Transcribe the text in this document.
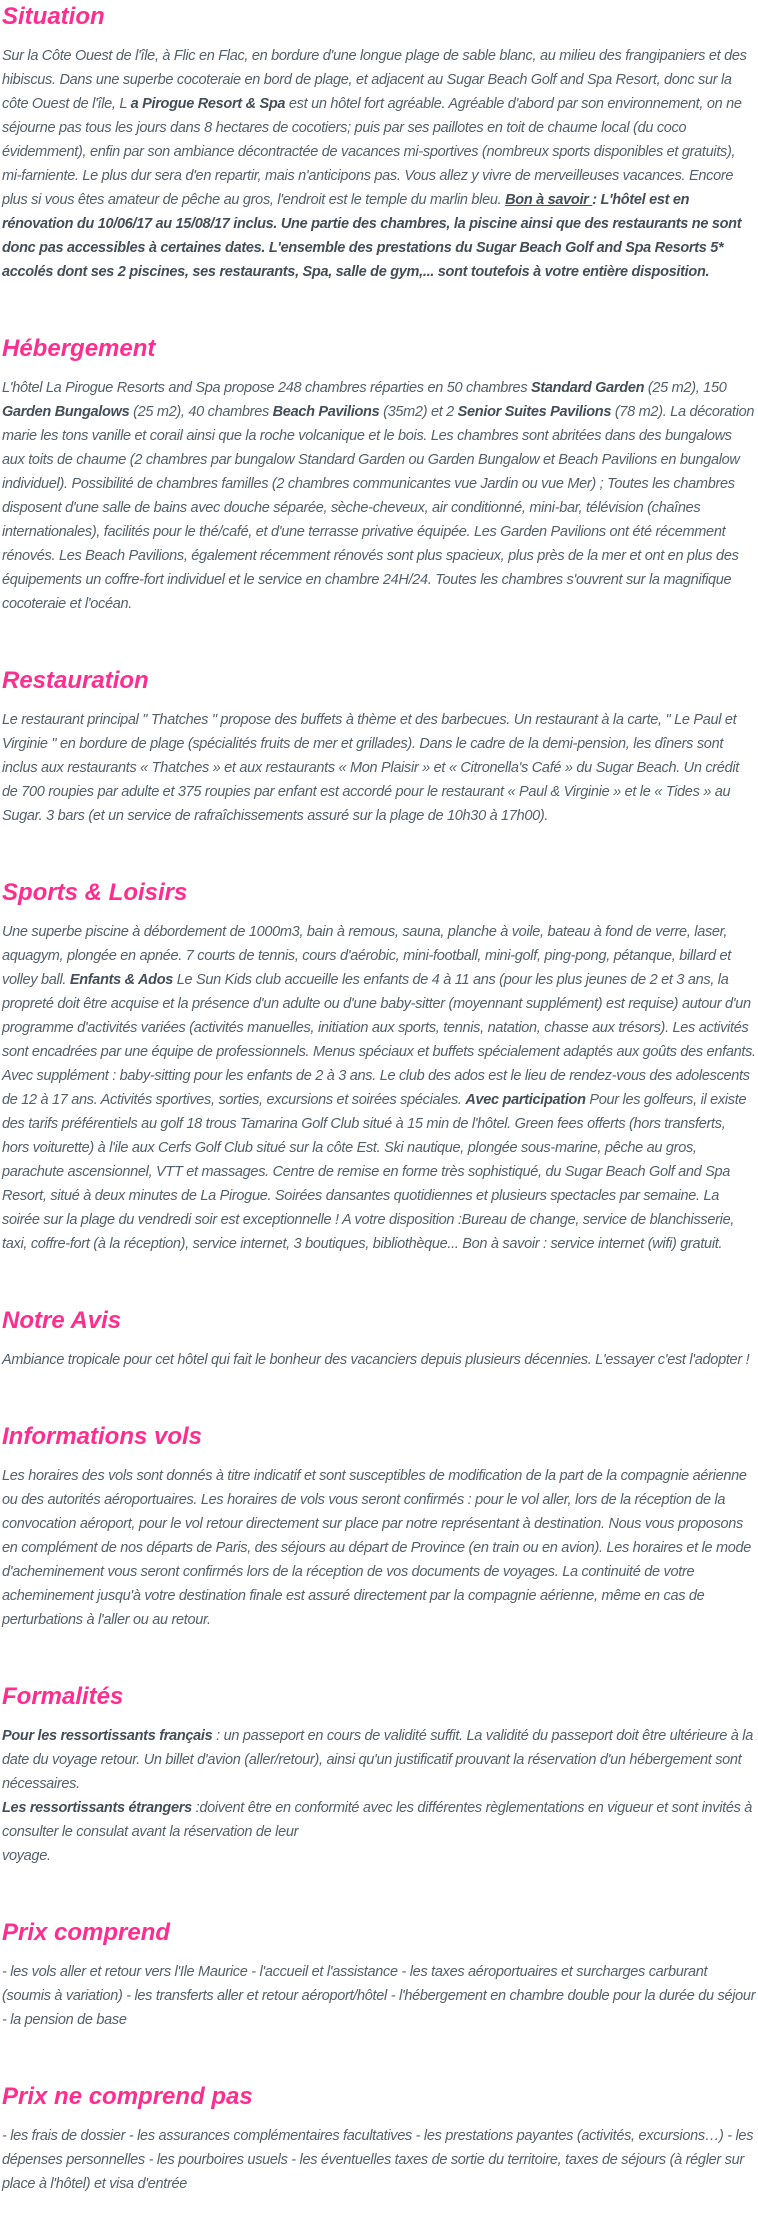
Situation

Sur la Côte Ouest de l'île, à Flic en Flac, en bordure d'une longue plage de sable blanc, au milieu des frangipaniers et des hibiscus. Dans une superbe cocoteraie en bord de plage, et adjacent au Sugar Beach Golf and Spa Resort, donc sur la côte Ouest de l'île, L a Pirogue Resort & Spa est un hôtel fort agréable. Agréable d'abord par son environnement, on ne séjourne pas tous les jours dans 8 hectares de cocotiers; puis par ses paillotes en toit de chaume local (du coco évidemment), enfin par son ambiance décontractée de vacances mi-sportives (nombreux sports disponibles et gratuits), mi-farniente. Le plus dur sera d'en repartir, mais n'anticipons pas. Vous allez y vivre de merveilleuses vacances. Encore plus si vous êtes amateur de pêche au gros, l'endroit est le temple du marlin bleu. Bon à savoir : L'hôtel est en rénovation du 10/06/17 au 15/08/17 inclus. Une partie des chambres, la piscine ainsi que des restaurants ne sont donc pas accessibles à certaines dates. L'ensemble des prestations du Sugar Beach Golf and Spa Resorts 5* accolés dont ses 2 piscines, ses restaurants, Spa, salle de gym,... sont toutefois à votre entière disposition.

Hébergement

L'hôtel La Pirogue Resorts and Spa propose 248 chambres réparties en 50 chambres Standard Garden (25 m2), 150 Garden Bungalows (25 m2), 40 chambres Beach Pavilions (35m2) et 2 Senior Suites Pavilions (78 m2). La décoration marie les tons vanille et corail ainsi que la roche volcanique et le bois. Les chambres sont abritées dans des bungalows aux toits de chaume (2 chambres par bungalow Standard Garden ou Garden Bungalow et Beach Pavilions en bungalow individuel). Possibilité de chambres familles (2 chambres communicantes vue Jardin ou vue Mer) ; Toutes les chambres disposent d'une salle de bains avec douche séparée, sèche-cheveux, air conditionné, mini-bar, télévision (chaînes internationales), facilités pour le thé/café, et d'une terrasse privative équipée. Les Garden Pavilions ont été récemment rénovés. Les Beach Pavilions, également récemment rénovés sont plus spacieux, plus près de la mer et ont en plus des équipements un coffre-fort individuel et le service en chambre 24H/24. Toutes les chambres s'ouvrent sur la magnifique cocoteraie et l'océan.

Restauration

Le restaurant principal " Thatches " propose des buffets à thème et des barbecues. Un restaurant à la carte, " Le Paul et Virginie " en bordure de plage (spécialités fruits de mer et grillades). Dans le cadre de la demi-pension, les dîners sont inclus aux restaurants « Thatches » et aux restaurants « Mon Plaisir » et « Citronella's Café » du Sugar Beach. Un crédit de 700 roupies par adulte et 375 roupies par enfant est accordé pour le restaurant « Paul & Virginie » et le « Tides » au Sugar. 3 bars (et un service de rafraîchissements assuré sur la plage de 10h30 à 17h00).

Sports & Loisirs

Une superbe piscine à débordement de 1000m3, bain à remous, sauna, planche à voile, bateau à fond de verre, laser, aquagym, plongée en apnée. 7 courts de tennis, cours d'aérobic, mini-football, mini-golf, ping-pong, pétanque, billard et volley ball. Enfants & Ados Le Sun Kids club accueille les enfants de 4 à 11 ans (pour les plus jeunes de 2 et 3 ans, la propreté doit être acquise et la présence d'un adulte ou d'une baby-sitter (moyennant supplément) est requise) autour d'un programme d'activités variées (activités manuelles, initiation aux sports, tennis, natation, chasse aux trésors). Les activités sont encadrées par une équipe de professionnels. Menus spéciaux et buffets spécialement adaptés aux goûts des enfants. Avec supplément : baby-sitting pour les enfants de 2 à 3 ans. Le club des ados est le lieu de rendez-vous des adolescents de 12 à 17 ans. Activités sportives, sorties, excursions et soirées spéciales. Avec participation Pour les golfeurs, il existe des tarifs préférentiels au golf 18 trous Tamarina Golf Club situé à 15 min de l'hôtel. Green fees offerts (hors transferts, hors voiturette) à l'ile aux Cerfs Golf Club situé sur la côte Est. Ski nautique, plongée sous-marine, pêche au gros, parachute ascensionnel, VTT et massages. Centre de remise en forme très sophistiqué, du Sugar Beach Golf and Spa Resort, situé à deux minutes de La Pirogue. Soirées dansantes quotidiennes et plusieurs spectacles par semaine. La soirée sur la plage du vendredi soir est exceptionnelle ! A votre disposition :Bureau de change, service de blanchisserie, taxi, coffre-fort (à la réception), service internet, 3 boutiques, bibliothèque... Bon à savoir : service internet (wifi) gratuit.

Notre Avis

Ambiance tropicale pour cet hôtel qui fait le bonheur des vacanciers depuis plusieurs décennies. L'essayer c'est l'adopter !

Informations vols

Les horaires des vols sont donnés à titre indicatif et sont susceptibles de modification de la part de la compagnie aérienne ou des autorités aéroportuaires. Les horaires de vols vous seront confirmés : pour le vol aller, lors de la réception de la convocation aéroport, pour le vol retour directement sur place par notre représentant à destination. Nous vous proposons en complément de nos départs de Paris, des séjours au départ de Province (en train ou en avion). Les horaires et le mode d'acheminement vous seront confirmés lors de la réception de vos documents de voyages. La continuité de votre acheminement jusqu'à votre destination finale est assuré directement par la compagnie aérienne, même en cas de perturbations à l'aller ou au retour.

Formalités

Pour les ressortissants français : un passeport en cours de validité suffit. La validité du passeport doit être ultérieure à la date du voyage retour. Un billet d'avion (aller/retour), ainsi qu'un justificatif prouvant la réservation d'un hébergement sont nécessaires.
Les ressortissants étrangers :doivent être en conformité avec les différentes règlementations en vigueur et sont invités à consulter le consulat avant la réservation de leur
voyage.

Prix comprend

- les vols aller et retour vers l'Ile Maurice - l'accueil et l'assistance - les taxes aéroportuaires et surcharges carburant (soumis à variation) - les transferts aller et retour aéroport/hôtel - l'hébergement en chambre double pour la durée du séjour - la pension de base

Prix ne comprend pas

- les frais de dossier - les assurances complémentaires facultatives - les prestations payantes (activités, excursions…) - les dépenses personnelles - les pourboires usuels - les éventuelles taxes de sortie du territoire, taxes de séjours (à régler sur place à l'hôtel) et visa d'entrée
